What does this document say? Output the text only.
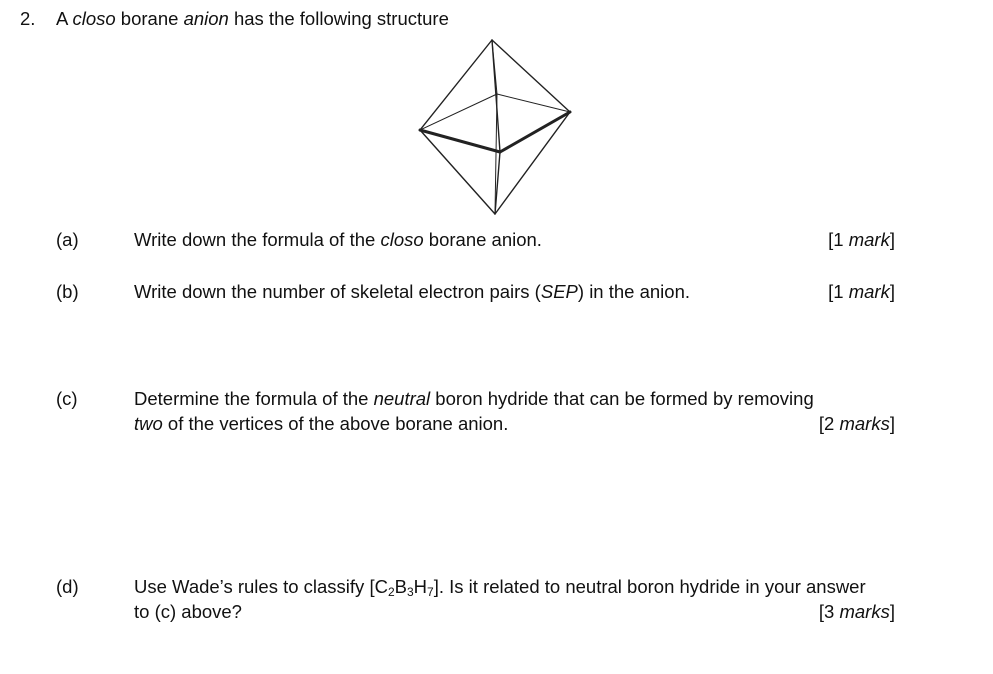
2. A closo borane anion has the following structure
(a)	Write down the formula of the closo borane anion.	[1 mark]
(b)	Write down the number of skeletal electron pairs (SEP) in the anion.	[1 mark]
(c)	Determine the formula of the neutral boron hydride that can be formed by removing
two of the vertices of the above borane anion.	[2 marks]
(d)	Use Wade’s rules to classify $[C_2B_3H_7]$. Is it related to neutral boron hydride in your answer
to (c) above?	[3 marks]
